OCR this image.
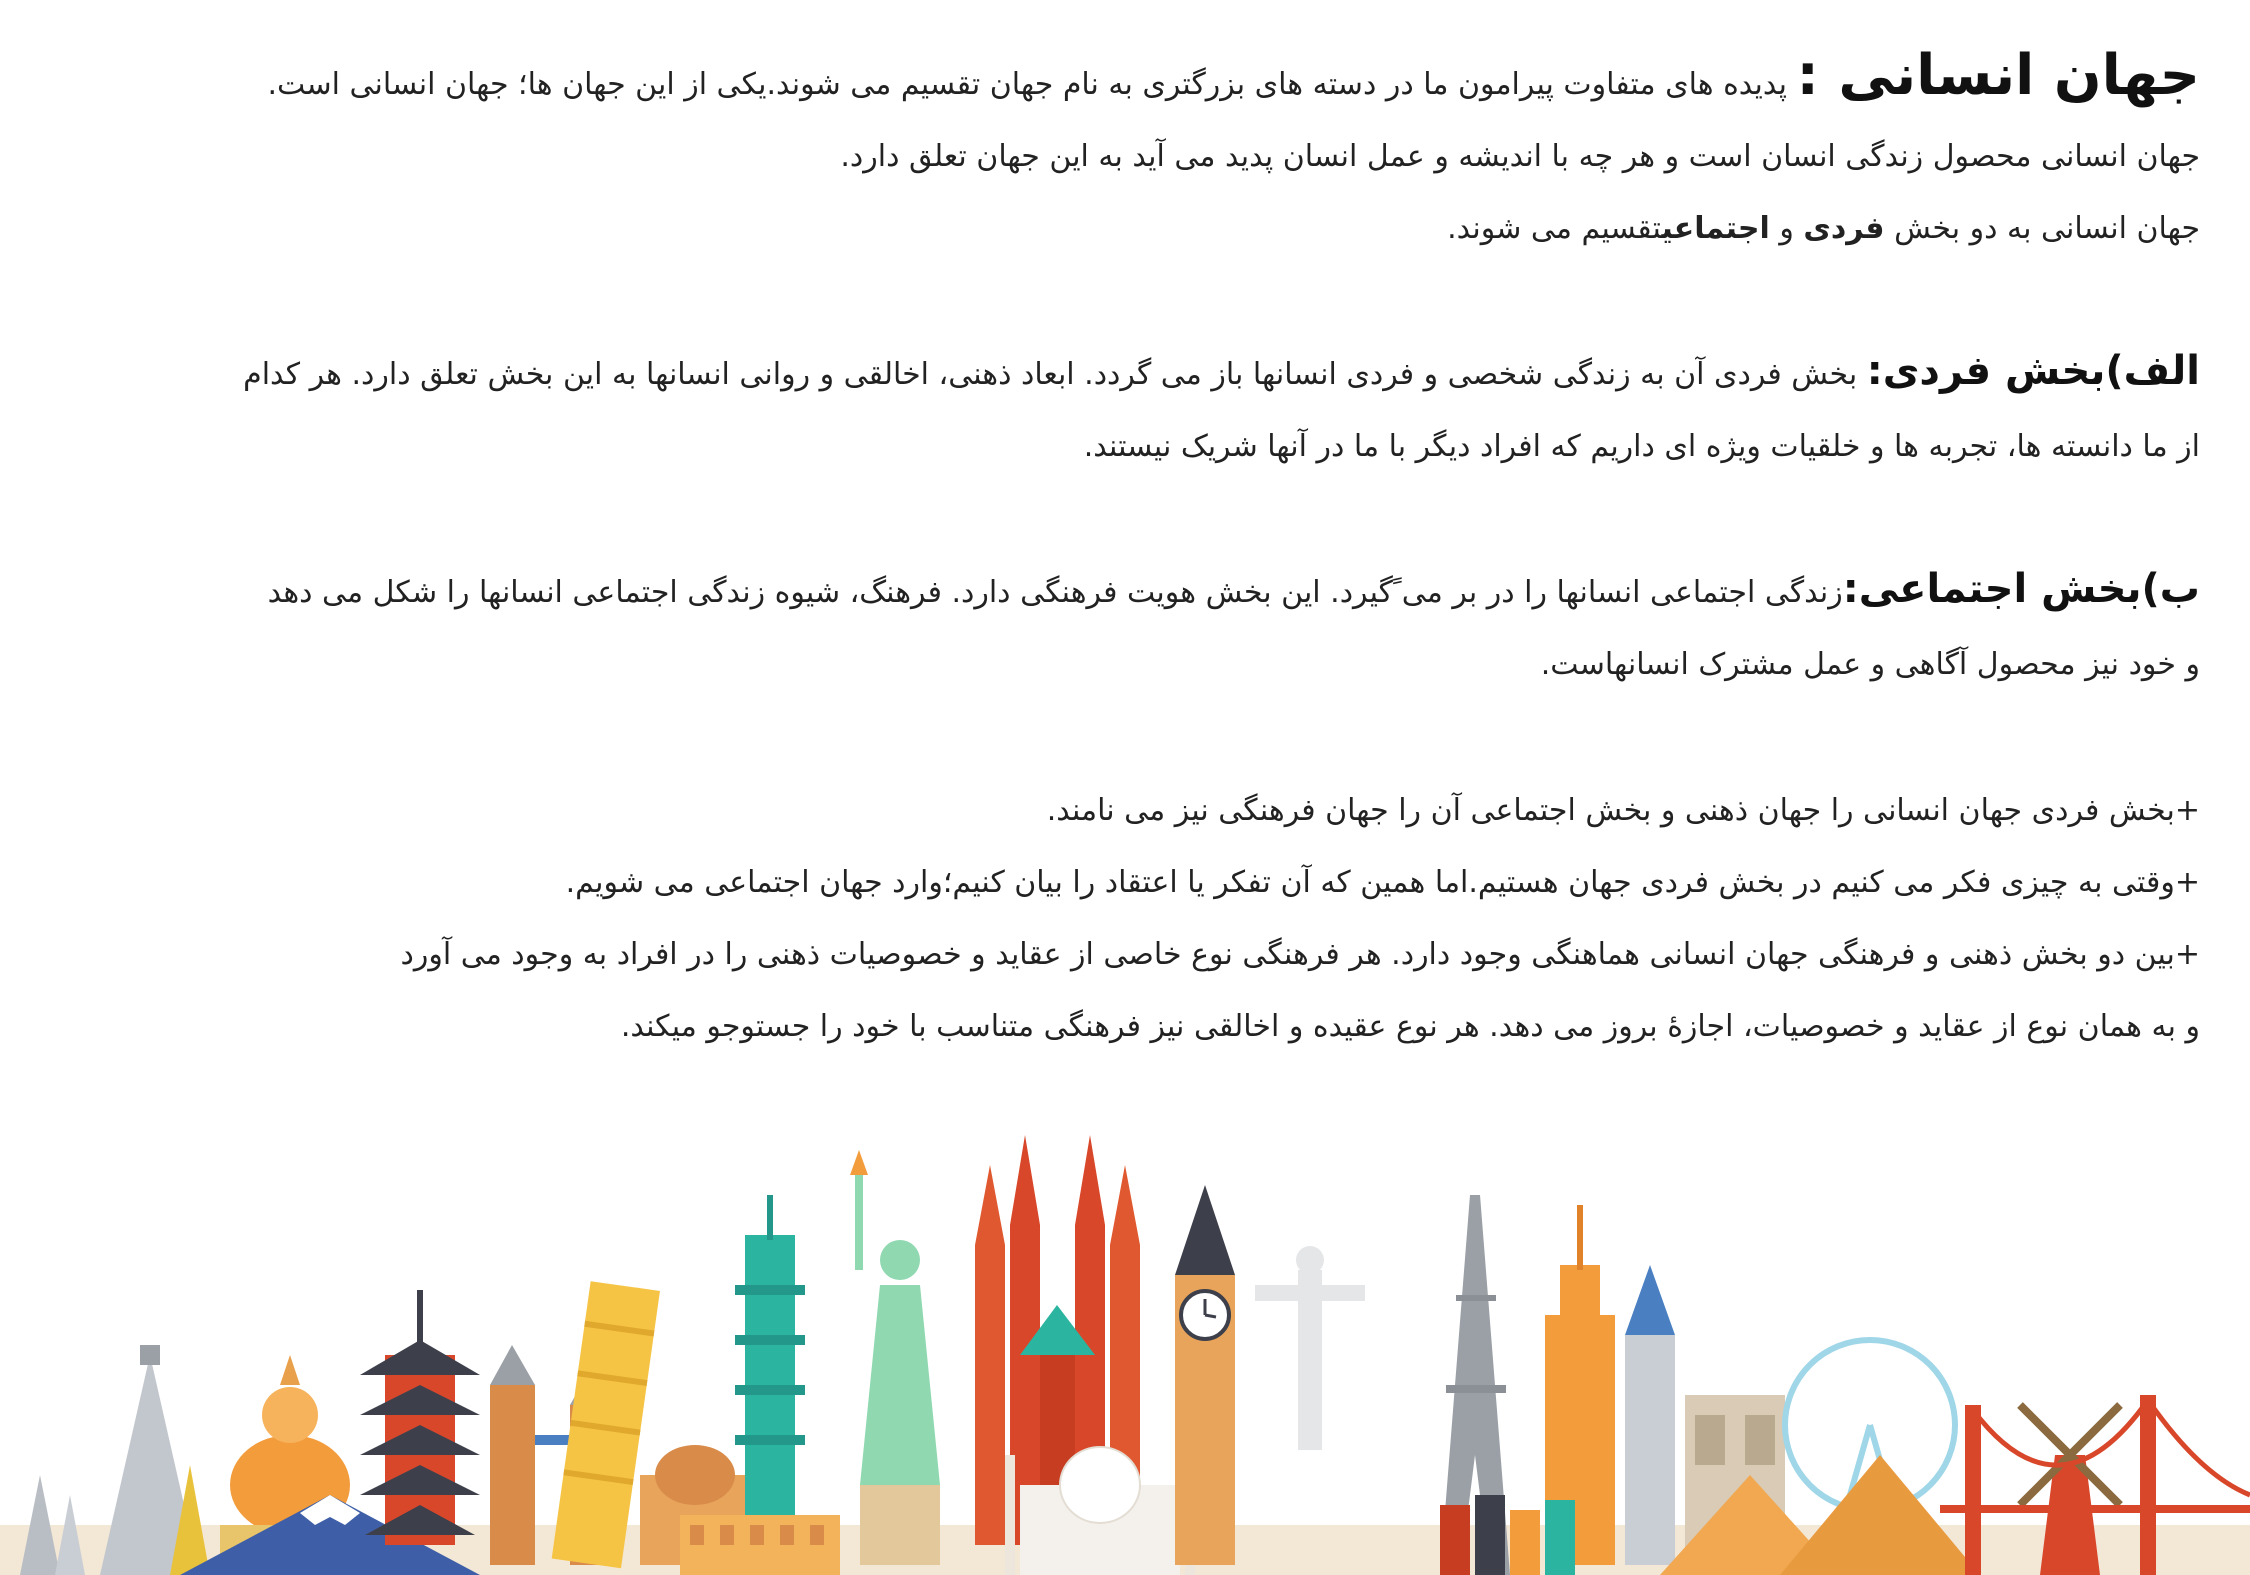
جهان انسانی : پدیده های متفاوت پیرامون ما در دسته های بزرگتری به نام جهان تقسیم می شوند.یکی از این جهان ها؛ جهان انسانی است.
جهان انسانی محصول زندگی انسان است و هر چه با اندیشه و عمل انسان پدید می آید به این جهان تعلق دارد.
جهان انسانی به دو بخش فردی و اجتماعیتقسیم می شوند.
الف)بخش فردی: بخش فردی آن به زندگی شخصی و فردی انسانها باز می گردد. ابعاد ذهنی، اخالقی و روانی انسانها به این بخش تعلق دارد. هر کدام
از ما دانسته ها، تجربه ها و خلقیات ویژه ای داریم که افراد دیگر با ما در آنها شریک نیستند.
ب)بخش اجتماعی:زندگی اجتماعی انسانها را در بر می ًگیرد. این بخش هویت فرهنگی دارد. فرهنگ، شیوه زندگی اجتماعی انسانها را شکل می دهد
و خود نیز محصول آگاهی و عمل مشترک انسانهاست.
+بخش فردی جهان انسانی را جهان ذهنی و بخش اجتماعی آن را جهان فرهنگی نیز می نامند.
+وقتی به چیزی فکر می کنیم در بخش فردی جهان هستیم.اما همین که آن تفکر یا اعتقاد را بیان کنیم؛وارد جهان اجتماعی می شویم.
+بین دو بخش ذهنی و فرهنگی جهان انسانی هماهنگی وجود دارد. هر فرهنگی نوع خاصی از عقاید و خصوصیات ذهنی را در افراد به وجود می آورد
و به همان نوع از عقاید و خصوصیات، اجازۀ بروز می دهد. هر نوع عقیده و اخالقی نیز فرهنگی متناسب با خود را جستوجو میکند.
